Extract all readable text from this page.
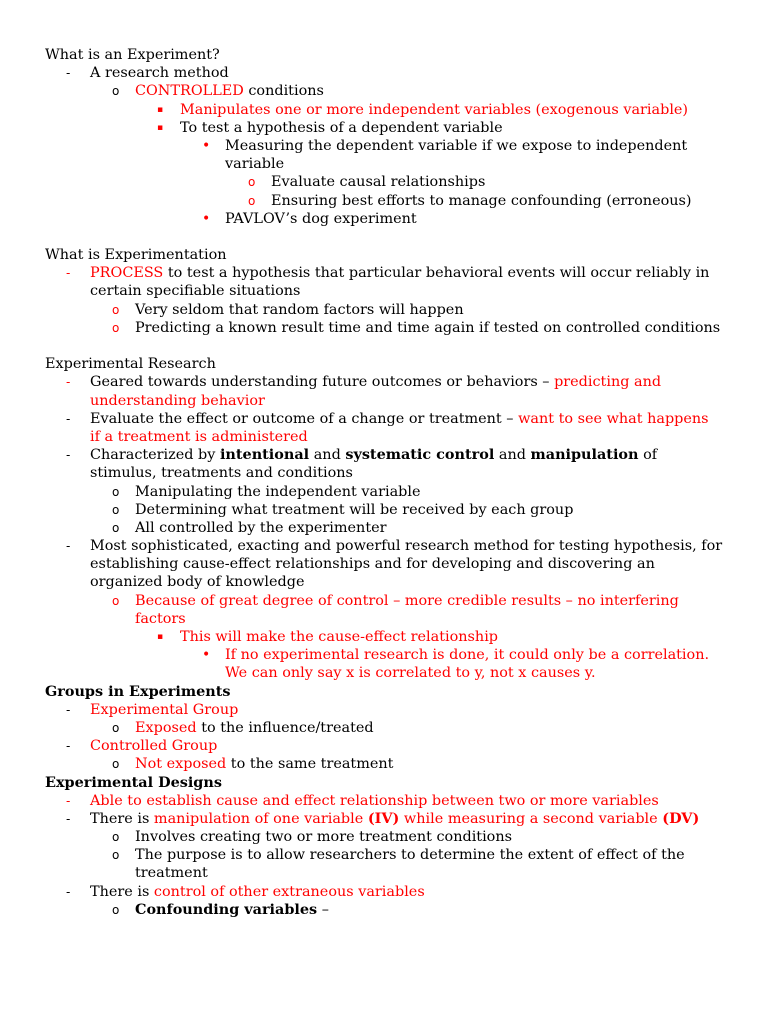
What is an Experiment?
- A research method
o CONTROLLED conditions
▪ Manipulates one or more independent variables (exogenous variable)
▪ To test a hypothesis of a dependent variable
• Measuring the dependent variable if we expose to independent
variable
o Evaluate causal relationships
o Ensuring best efforts to manage confounding (erroneous)
• PAVLOV’s dog experiment
What is Experimentation
- PROCESS to test a hypothesis that particular behavioral events will occur reliably in
certain specifiable situations
o Very seldom that random factors will happen
o Predicting a known result time and time again if tested on controlled conditions
Experimental Research
- Geared towards understanding future outcomes or behaviors – predicting and
understanding behavior
- Evaluate the effect or outcome of a change or treatment – want to see what happens
if a treatment is administered
- Characterized by intentional and systematic control and manipulation of
stimulus, treatments and conditions
o Manipulating the independent variable
o Determining what treatment will be received by each group
o All controlled by the experimenter
- Most sophisticated, exacting and powerful research method for testing hypothesis, for
establishing cause-effect relationships and for developing and discovering an
organized body of knowledge
o Because of great degree of control – more credible results – no interfering
factors
▪ This will make the cause-effect relationship
• If no experimental research is done, it could only be a correlation.
We can only say x is correlated to y, not x causes y.
Groups in Experiments
- Experimental Group
o Exposed to the influence/treated
- Controlled Group
o Not exposed to the same treatment
Experimental Designs
- Able to establish cause and effect relationship between two or more variables
- There is manipulation of one variable (IV) while measuring a second variable (DV)
o Involves creating two or more treatment conditions
o The purpose is to allow researchers to determine the extent of effect of the
treatment
- There is control of other extraneous variables
o Confounding variables –
